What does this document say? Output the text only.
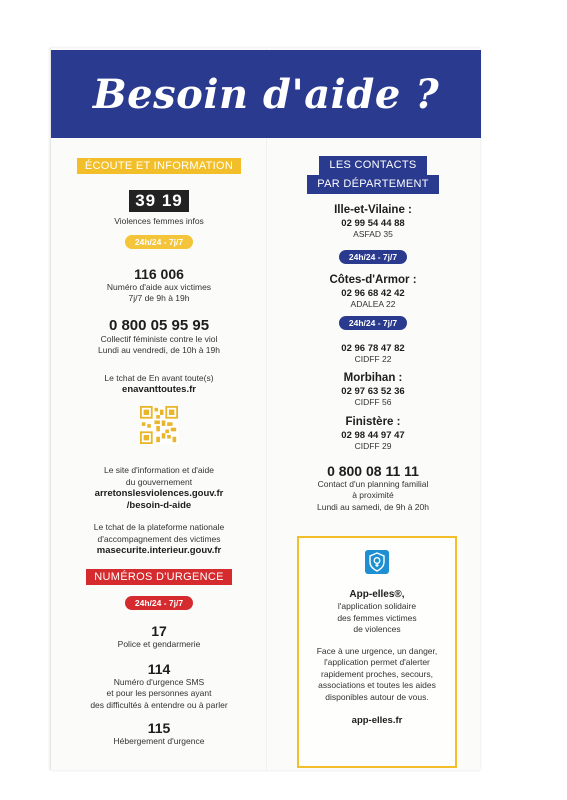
Besoin d'aide ?
ÉCOUTE ET INFORMATION
39 19
Violences femmes infos
24h/24 - 7j/7
116 006
Numéro d'aide aux victimes
7j/7 de 9h à 19h
0 800 05 95 95
Collectif féministe contre le viol
Lundi au vendredi, de 10h à 19h
Le tchat de En avant toute(s)
enavanttoutes.fr
Le site d'information et d'aide
du gouvernement
arretonslesviolences.gouv.fr
/besoin-d-aide
Le tchat de la plateforme nationale
d'accompagnement des victimes
masecurite.interieur.gouv.fr
NUMÉROS D'URGENCE
24h/24 - 7j/7
17
Police et gendarmerie
114
Numéro d'urgence SMS
et pour les personnes ayant
des difficultés à entendre ou à parler
115
Hébergement d'urgence
LES CONTACTS
PAR DÉPARTEMENT
Ille-et-Vilaine :
02 99 54 44 88
ASFAD 35
24h/24 - 7j/7
Côtes-d'Armor :
02 96 68 42 42
ADALEA 22
24h/24 - 7j/7
02 96 78 47 82
CIDFF 22
Morbihan :
02 97 63 52 36
CIDFF 56
Finistère :
02 98 44 97 47
CIDFF 29
0 800 08 11 11
Contact d'un planning familial
à proximité
Lundi au samedi, de 9h à 20h
App-elles®,
l'application solidaire
des femmes victimes
de violences
Face à une urgence, un danger,
l'application permet d'alerter
rapidement proches, secours,
associations et toutes les aides
disponibles autour de vous.
app-elles.fr
